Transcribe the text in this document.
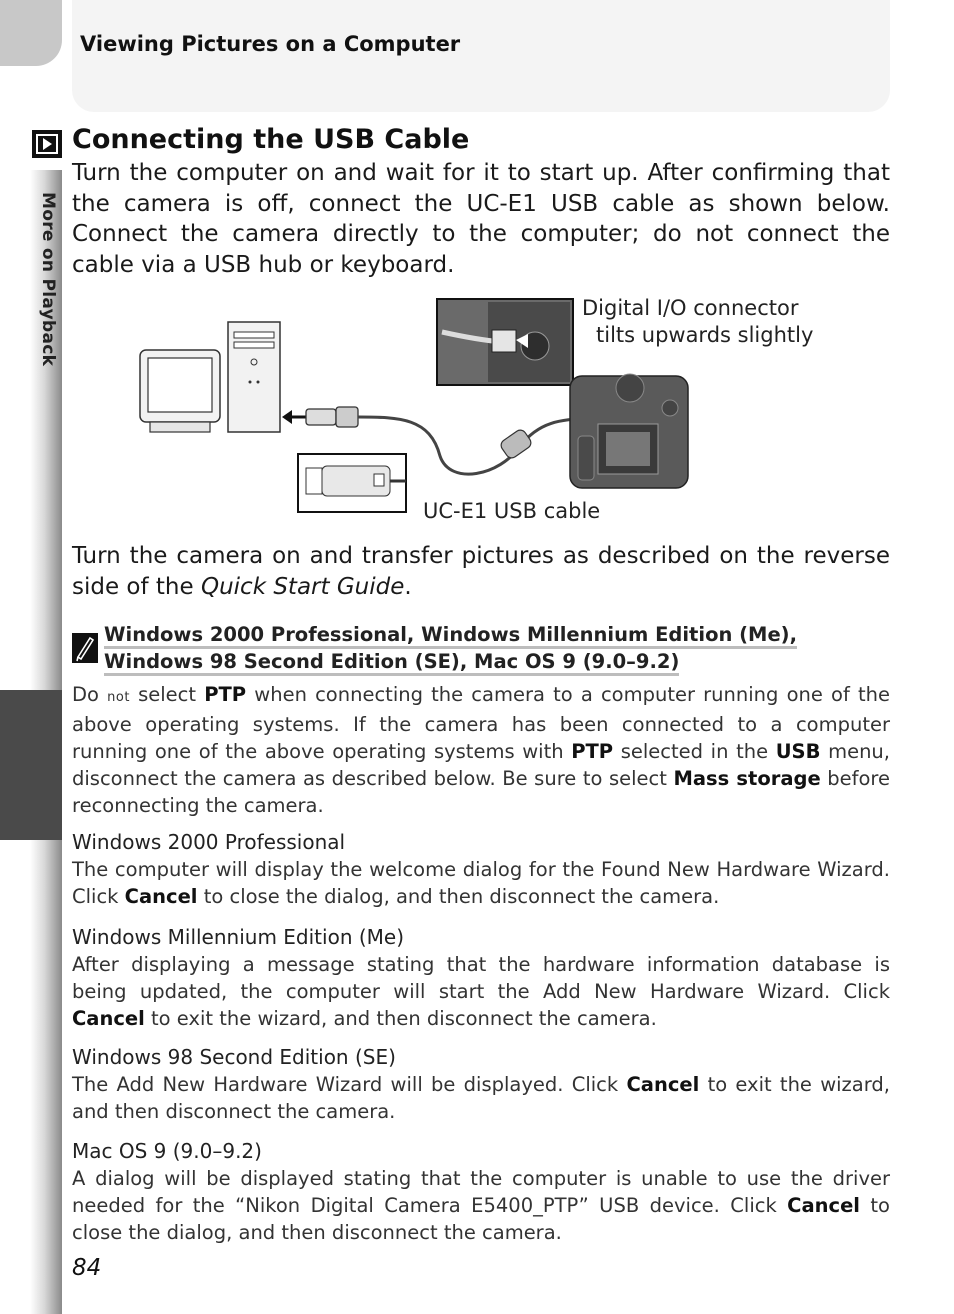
More on Playback
Viewing Pictures on a Computer
Connecting the USB Cable
Turn the computer on and wait for it to start up. After confirming that the camera is off, connect the UC-E1 USB cable as shown below. Connect the camera directly to the computer; do not connect the cable via a USB hub or keyboard.
Digital I/O connector
tilts upwards slightly
UC-E1 USB cable
Turn the camera on and transfer pictures as described on the reverse side of the Quick Start Guide.
Windows 2000 Professional, Windows Millennium Edition (Me),
Windows 98 Second Edition (SE), Mac OS 9 (9.0–9.2)
Do not select PTP when connecting the camera to a computer running one of the above operating systems. If the camera has been connected to a computer running one of the above operating systems with PTP selected in the USB menu, disconnect the camera as described below. Be sure to select Mass storage before reconnecting the camera.
Windows 2000 Professional
The computer will display the welcome dialog for the Found New Hardware Wizard. Click Cancel to close the dialog, and then disconnect the camera.
Windows Millennium Edition (Me)
After displaying a message stating that the hardware information database is being updated, the computer will start the Add New Hardware Wizard. Click Cancel to exit the wizard, and then disconnect the camera.
Windows 98 Second Edition (SE)
The Add New Hardware Wizard will be displayed. Click Cancel to exit the wizard, and then disconnect the camera.
Mac OS 9 (9.0–9.2)
A dialog will be displayed stating that the computer is unable to use the driver needed for the “Nikon Digital Camera E5400_PTP” USB device. Click Cancel to close the dialog, and then disconnect the camera.
84
